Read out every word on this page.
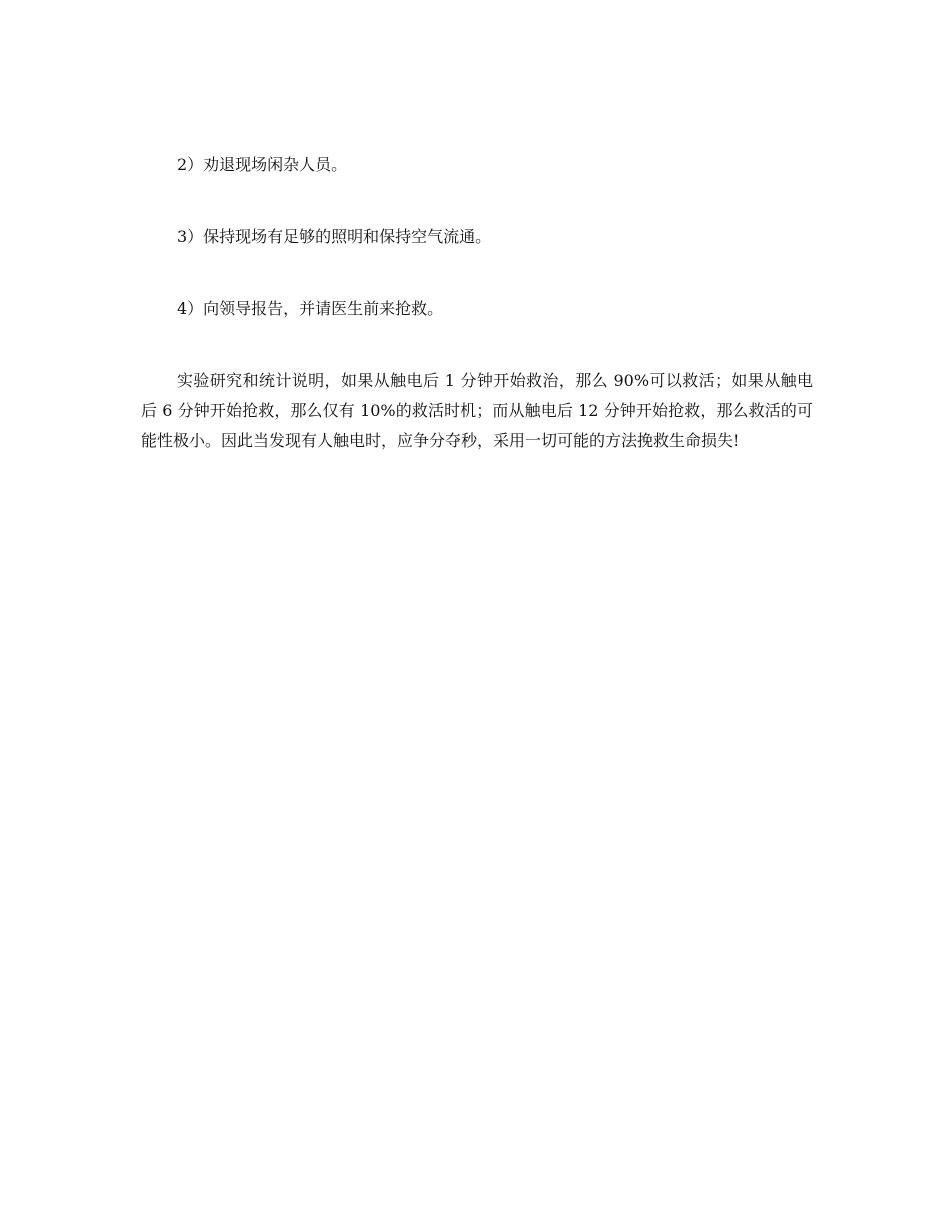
2）劝退现场闲杂人员。

3）保持现场有足够的照明和保持空气流通。

4）向领导报告，并请医生前来抢救。

实验研究和统计说明，如果从触电后 1 分钟开始救治，那么 90%可以救活；如果从触电后 6 分钟开始抢救，那么仅有 10%的救活时机；而从触电后 12 分钟开始抢救，那么救活的可能性极小。因此当发现有人触电时，应争分夺秒，采用一切可能的方法挽救生命损失!
